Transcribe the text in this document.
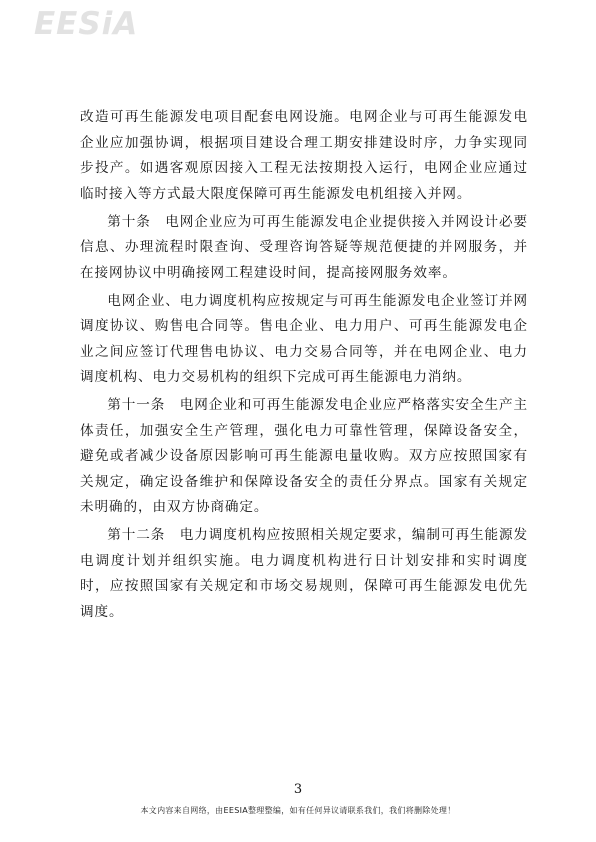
EESiA

改造可再生能源发电项目配套电网设施。电网企业与可再生能源发电企业应加强协调，根据项目建设合理工期安排建设时序，力争实现同步投产。如遇客观原因接入工程无法按期投入运行，电网企业应通过临时接入等方式最大限度保障可再生能源发电机组接入并网。

第十条　电网企业应为可再生能源发电企业提供接入并网设计必要信息、办理流程时限查询、受理咨询答疑等规范便捷的并网服务，并在接网协议中明确接网工程建设时间，提高接网服务效率。

电网企业、电力调度机构应按规定与可再生能源发电企业签订并网调度协议、购售电合同等。售电企业、电力用户、可再生能源发电企业之间应签订代理售电协议、电力交易合同等，并在电网企业、电力调度机构、电力交易机构的组织下完成可再生能源电力消纳。

第十一条　电网企业和可再生能源发电企业应严格落实安全生产主体责任，加强安全生产管理，强化电力可靠性管理，保障设备安全，避免或者减少设备原因影响可再生能源电量收购。双方应按照国家有关规定，确定设备维护和保障设备安全的责任分界点。国家有关规定未明确的，由双方协商确定。

第十二条　电力调度机构应按照相关规定要求，编制可再生能源发电调度计划并组织实施。电力调度机构进行日计划安排和实时调度时，应按照国家有关规定和市场交易规则，保障可再生能源发电优先调度。

3
本文内容来自网络，由EESIA整理整编，如有任何异议请联系我们，我们将删除处理！
